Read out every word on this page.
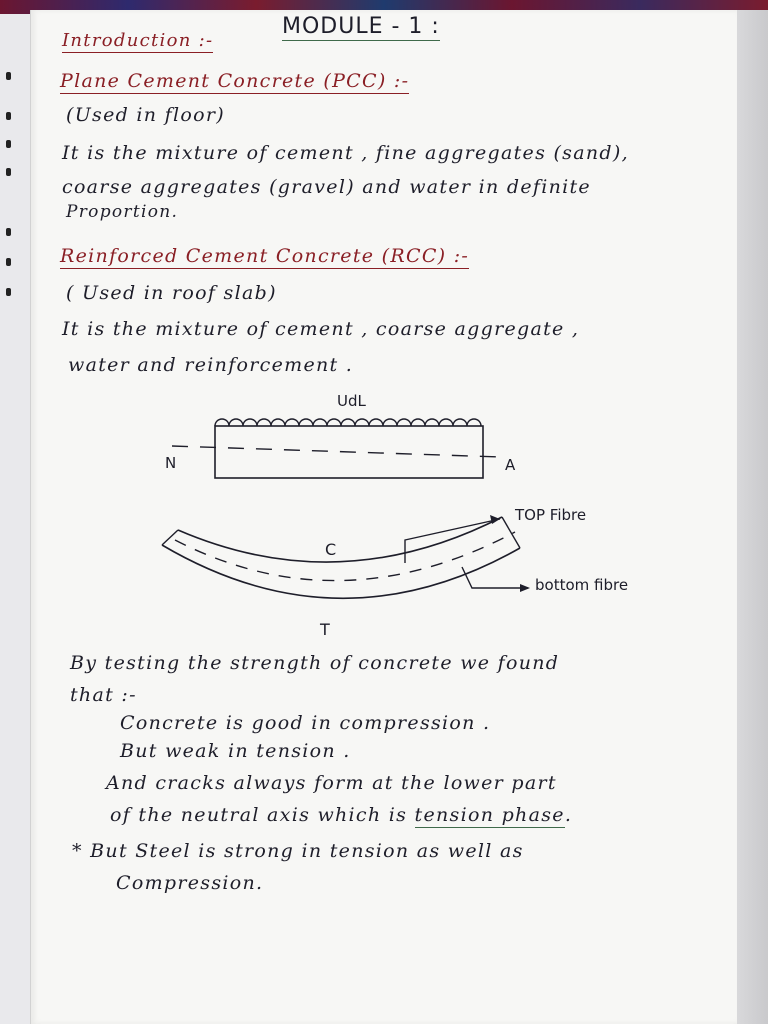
MODULE - 1 :
Introduction :-
Plane Cement Concrete (PCC) :-
(Used in floor)
It is the mixture of cement , fine aggregates (sand),
coarse aggregates (gravel) and water in definite
Proportion.
Reinforced Cement Concrete (RCC) :-
( Used in roof slab)
It is the mixture of cement , coarse aggregate ,
water and reinforcement .
UdL
N	A
C
T
TOP Fibre
bottom fibre
By testing the strength of concrete we found
that :-
Concrete is good in compression .
But weak in tension .
And cracks always form at the lower part
of the neutral axis which is tension phase.
* But Steel is strong in tension as well as
Compression.
